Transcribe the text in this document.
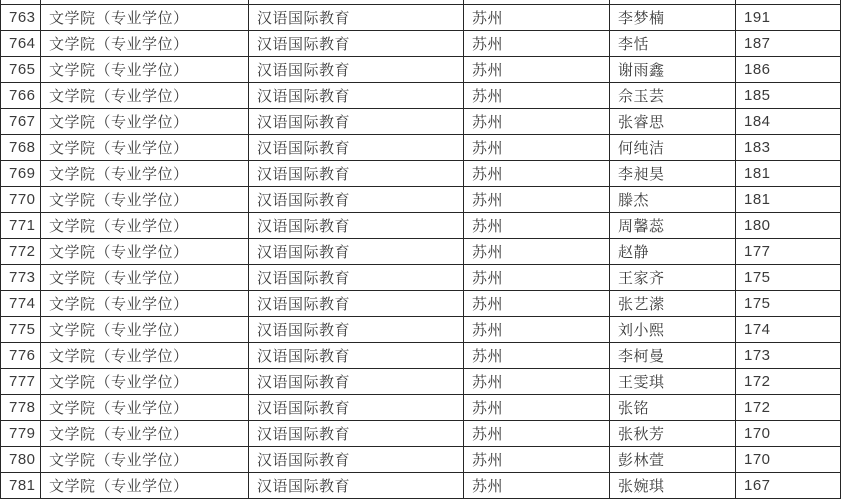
763	文学院（专业学位）	汉语国际教育	苏州	李梦楠	191
764	文学院（专业学位）	汉语国际教育	苏州	李恬	187
765	文学院（专业学位）	汉语国际教育	苏州	谢雨鑫	186
766	文学院（专业学位）	汉语国际教育	苏州	佘玉芸	185
767	文学院（专业学位）	汉语国际教育	苏州	张睿思	184
768	文学院（专业学位）	汉语国际教育	苏州	何纯洁	183
769	文学院（专业学位）	汉语国际教育	苏州	李昶昊	181
770	文学院（专业学位）	汉语国际教育	苏州	滕杰	181
771	文学院（专业学位）	汉语国际教育	苏州	周馨蕊	180
772	文学院（专业学位）	汉语国际教育	苏州	赵静	177
773	文学院（专业学位）	汉语国际教育	苏州	王家齐	175
774	文学院（专业学位）	汉语国际教育	苏州	张艺潆	175
775	文学院（专业学位）	汉语国际教育	苏州	刘小熙	174
776	文学院（专业学位）	汉语国际教育	苏州	李柯曼	173
777	文学院（专业学位）	汉语国际教育	苏州	王雯琪	172
778	文学院（专业学位）	汉语国际教育	苏州	张铭	172
779	文学院（专业学位）	汉语国际教育	苏州	张秋芳	170
780	文学院（专业学位）	汉语国际教育	苏州	彭林萱	170
781	文学院（专业学位）	汉语国际教育	苏州	张婉琪	167
